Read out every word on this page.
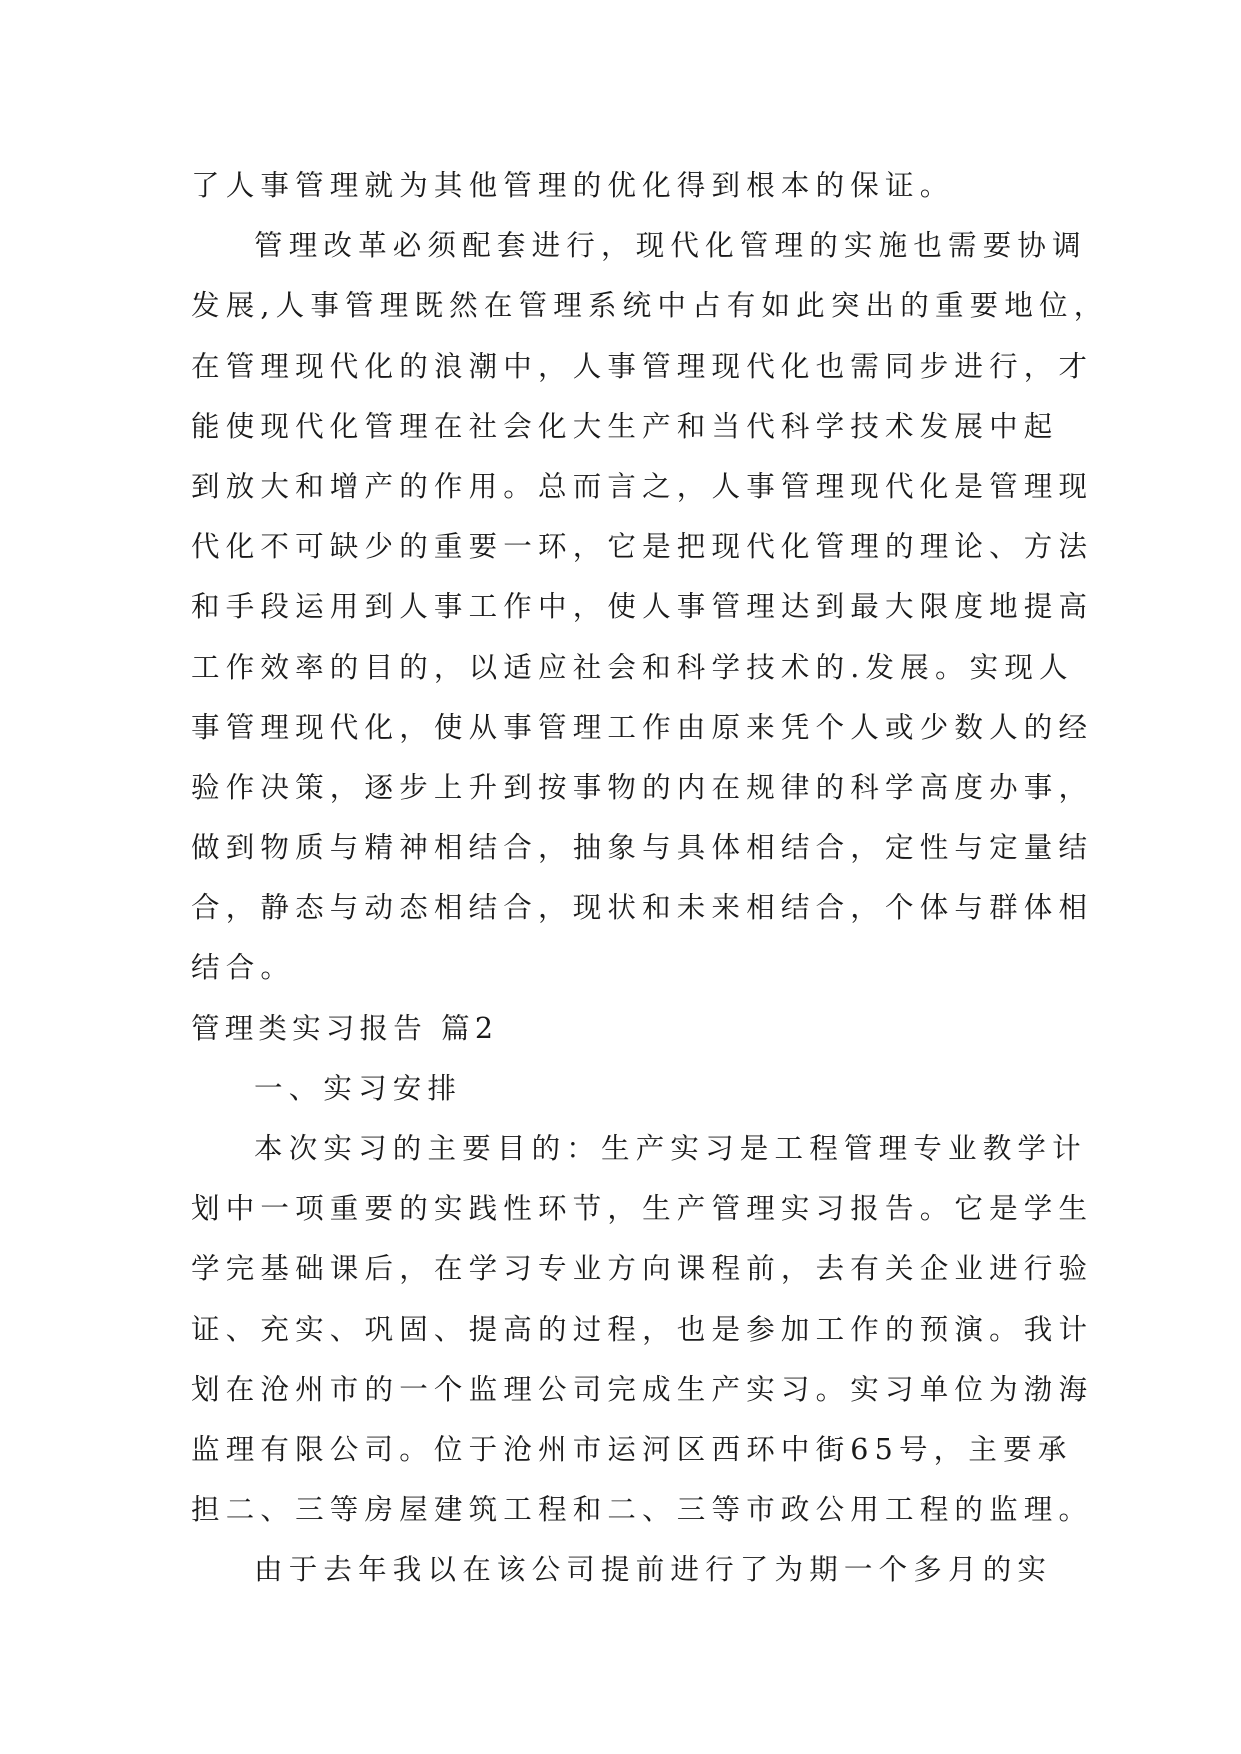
了人事管理就为其他管理的优化得到根本的保证。
管理改革必须配套进行，现代化管理的实施也需要协调
发展,人事管理既然在管理系统中占有如此突出的重要地位，
在管理现代化的浪潮中，人事管理现代化也需同步进行，才
能使现代化管理在社会化大生产和当代科学技术发展中起
到放大和增产的作用。总而言之，人事管理现代化是管理现
代化不可缺少的重要一环，它是把现代化管理的理论、方法
和手段运用到人事工作中，使人事管理达到最大限度地提高
工作效率的目的，以适应社会和科学技术的.发展。实现人
事管理现代化，使从事管理工作由原来凭个人或少数人的经
验作决策，逐步上升到按事物的内在规律的科学高度办事，
做到物质与精神相结合，抽象与具体相结合，定性与定量结
合，静态与动态相结合，现状和未来相结合，个体与群体相
结合。
管理类实习报告 篇2
一、实习安排
本次实习的主要目的：生产实习是工程管理专业教学计
划中一项重要的实践性环节，生产管理实习报告。它是学生
学完基础课后，在学习专业方向课程前，去有关企业进行验
证、充实、巩固、提高的过程，也是参加工作的预演。我计
划在沧州市的一个监理公司完成生产实习。实习单位为渤海
监理有限公司。位于沧州市运河区西环中街65号，主要承
担二、三等房屋建筑工程和二、三等市政公用工程的监理。
由于去年我以在该公司提前进行了为期一个多月的实
